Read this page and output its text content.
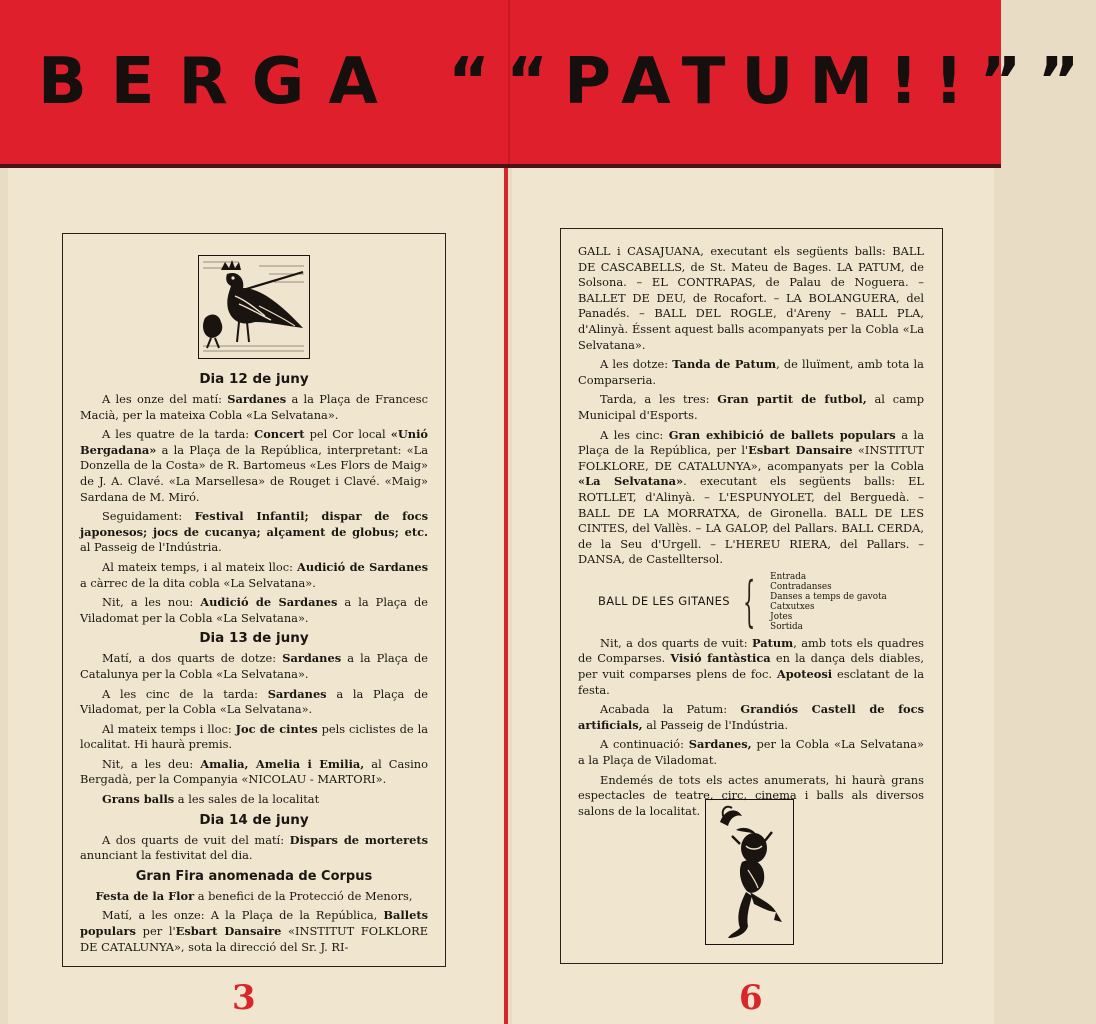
BERGA ““PATUM!!””

Dia 12 de juny

A les onze del matí: Sardanes a la Plaça de Francesc Macià, per la mateixa Cobla «La Selvatana».

A les quatre de la tarda: Concert pel Cor local «Unió Bergadana» a la Plaça de la República, interpretant: «La Donzella de la Costa» de R. Bartomeus «Les Flors de Maig» de J. A. Clavé. «La Marsellesa» de Rouget i Clavé. «Maig» Sardana de M. Miró.

Seguidament: Festival Infantil; dispar de focs japonesos; jocs de cucanya; alçament de globus; etc. al Passeig de l'Indústria.

Al mateix temps, i al mateix lloc: Audició de Sardanes a càrrec de la dita cobla «La Selvatana».

Nit, a les nou: Audició de Sardanes a la Plaça de Viladomat per la Cobla «La Selvatana».

Dia 13 de juny

Matí, a dos quarts de dotze: Sardanes a la Plaça de Catalunya per la Cobla «La Selvatana».

A les cinc de la tarda: Sardanes a la Plaça de Viladomat, per la Cobla «La Selvatana».

Al mateix temps i lloc: Joc de cintes pels ciclistes de la localitat. Hi haurà premis.

Nit, a les deu: Amalia, Amelia i Emilia, al Casino Bergadà, per la Companyia «NICOLAU - MARTORI».

Grans balls a les sales de la localitat

Dia 14 de juny

A dos quarts de vuit del matí: Dispars de morterets anunciant la festivitat del dia.

Gran Fira anomenada de Corpus

Festa de la Flor a benefici de la Protecció de Menors,

Matí, a les onze: A la Plaça de la República, Ballets populars per l'Esbart Dansaire «INSTITUT FOLKLORE DE CATALUNYA», sota la direcció del Sr. J. RI-

GALL i CASAJUANA, executant els següents balls: BALL DE CASCABELLS, de St. Mateu de Bages. LA PATUM, de Solsona. – EL CONTRAPAS, de Palau de Noguera. – BALLET DE DEU, de Rocafort. – LA BOLANGUERA, del Panadés. – BALL DEL ROGLE, d'Areny – BALL PLA, d'Alinyà. Éssent aquest balls acompanyats per la Cobla «La Selvatana».

A les dotze: Tanda de Patum, de lluïment, amb tota la Comparseria.

Tarda, a les tres: Gran partit de futbol, al camp Municipal d'Esports.

A les cinc: Gran exhibició de ballets populars a la Plaça de la República, per l'Esbart Dansaire «INSTITUT FOLKLORE, DE CATALUNYA», acompanyats per la Cobla «La Selvatana». executant els següents balls: EL ROTLLET, d'Alinyà. – L'ESPUNYOLET, del Berguedà. – BALL DE LA MORRATXA, de Gironella. BALL DE LES CINTES, del Vallès. – LA GALOP, del Pallars. BALL CERDA, de la Seu d'Urgell. – L'HEREU RIERA, del Pallars. – DANSA, de Castelltersol.

BALL DE LES GITANES { Entrada
Contradanses
Danses a temps de gavota
Catxutxes
Jotes
Sortida

Nit, a dos quarts de vuit: Patum, amb tots els quadres de Comparses. Visió fantàstica en la dança dels diables, per vuit comparses plens de foc. Apoteosi esclatant de la festa.

Acabada la Patum: Grandiós Castell de focs artificials, al Passeig de l'Indústria.

A continuació: Sardanes, per la Cobla «La Selvatana» a la Plaça de Viladomat.

Endemés de tots els actes anumerats, hi haurà grans espectacles de teatre, circ, cinema i balls als diversos salons de la localitat.

3	6
